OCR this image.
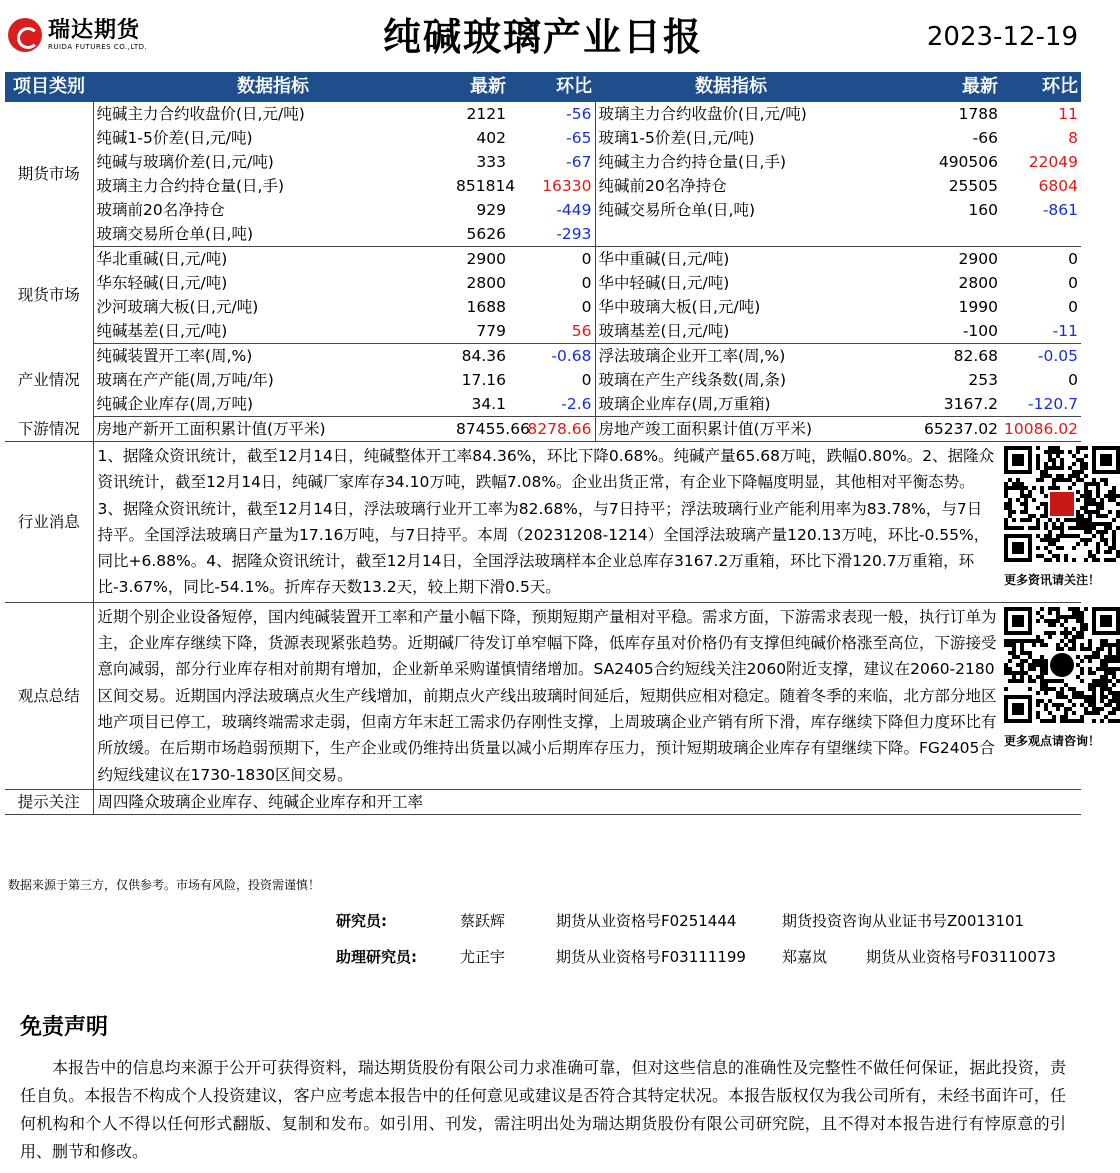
瑞达期货
RUIDA FUTURES CO.,LTD.	纯碱玻璃产业日报	2023-12-19
项目类别	数据指标	最新	环比	数据指标	最新	环比
期货市场	纯碱主力合约收盘价(日,元/吨)	2121	-56	玻璃主力合约收盘价(日,元/吨)	1788	11
	纯碱1-5价差(日,元/吨)	402	-65	玻璃1-5价差(日,元/吨)	-66	8
	纯碱与玻璃价差(日,元/吨)	333	-67	纯碱主力合约持仓量(日,手)	490506	22049
	玻璃主力合约持仓量(日,手)	851814	16330	纯碱前20名净持仓	25505	6804
	玻璃前20名净持仓	929	-449	纯碱交易所仓单(日,吨)	160	-861
	玻璃交易所仓单(日,吨)	5626	-293			
现货市场	华北重碱(日,元/吨)	2900	0	华中重碱(日,元/吨)	2900	0
	华东轻碱(日,元/吨)	2800	0	华中轻碱(日,元/吨)	2800	0
	沙河玻璃大板(日,元/吨)	1688	0	华中玻璃大板(日,元/吨)	1990	0
	纯碱基差(日,元/吨)	779	56	玻璃基差(日,元/吨)	-100	-11
产业情况	纯碱装置开工率(周,%)	84.36	-0.68	浮法玻璃企业开工率(周,%)	82.68	-0.05
	玻璃在产产能(周,万吨/年)	17.16	0	玻璃在产生产线条数(周,条)	253	0
	纯碱企业库存(周,万吨)	34.1	-2.6	玻璃企业库存(周,万重箱)	3167.2	-120.7
下游情况	房地产新开工面积累计值(万平米)	87455.66	8278.66	房地产竣工面积累计值(万平米)	65237.02	10086.02
行业消息	1、据隆众资讯统计，截至12月14日，纯碱整体开工率84.36%，环比下降0.68%。纯碱产量65.68万吨，跌幅0.80%。2、据隆众资讯统计，截至12月14日，纯碱厂家库存34.10万吨，跌幅7.08%。企业出货正常，有企业下降幅度明显，其他相对平衡态势。3、据隆众资讯统计，截至12月14日，浮法玻璃行业开工率为82.68%，与7日持平；浮法玻璃行业产能利用率为83.78%，与7日持平。全国浮法玻璃日产量为17.16万吨，与7日持平。本周（20231208-1214）全国浮法玻璃产量120.13万吨，环比-0.55%，同比+6.88%。4、据隆众资讯统计，截至12月14日，全国浮法玻璃样本企业总库存3167.2万重箱，环比下滑120.7万重箱，环比-3.67%，同比-54.1%。折库存天数13.2天，较上期下滑0.5天。					更多资讯请关注！

观点总结	近期个别企业设备短停，国内纯碱装置开工率和产量小幅下降，预期短期产量相对平稳。需求方面，下游需求表现一般，执行订单为主，企业库存继续下降，货源表现紧张趋势。近期碱厂待发订单窄幅下降，低库存虽对价格仍有支撑但纯碱价格涨至高位，下游接受意向减弱，部分行业库存相对前期有增加，企业新单采购谨慎情绪增加。SA2405合约短线关注2060附近支撑，建议在2060-2180区间交易。近期国内浮法玻璃点火生产线增加，前期点火产线出玻璃时间延后，短期供应相对稳定。随着冬季的来临，北方部分地区地产项目已停工，玻璃终端需求走弱，但南方年末赶工需求仍存刚性支撑，上周玻璃企业产销有所下滑，库存继续下降但力度环比有所放缓。在后期市场趋弱预期下，生产企业或仍维持出货量以减小后期库存压力，预计短期玻璃企业库存有望继续下降。FG2405合约短线建议在1730-1830区间交易。					更多观点请咨询！

提示关注	周四隆众玻璃企业库存、纯碱企业库存和开工率					
数据来源于第三方，仅供参考。市场有风险，投资需谨慎！
研究员:	蔡跃辉	期货从业资格号F0251444	期货投资咨询从业证书号Z0013101
助理研究员:	尤正宇	期货从业资格号F03111199 郑嘉岚	期货从业资格号F03110073
免责声明
本报告中的信息均来源于公开可获得资料，瑞达期货股份有限公司力求准确可靠，但对这些信息的准确性及完整性不做任何保证，据此投资，责任自负。本报告不构成个人投资建议，客户应考虑本报告中的任何意见或建议是否符合其特定状况。本报告版权仅为我公司所有，未经书面许可，任何机构和个人不得以任何形式翻版、复制和发布。如引用、刊发，需注明出处为瑞达期货股份有限公司研究院，且不得对本报告进行有悖原意的引用、删节和修改。
